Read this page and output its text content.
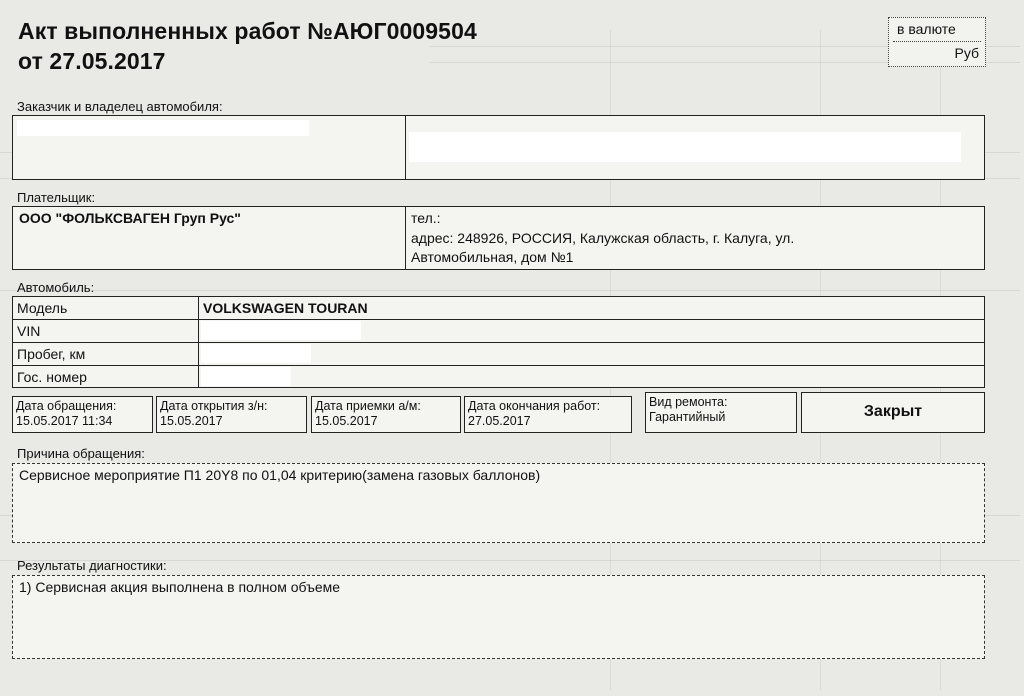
Акт выполненных работ №АЮГ0009504
от 27.05.2017
в валюте
Руб
Заказчик и владелец автомобиля:
Плательщик:
ООО "ФОЛЬКСВАГЕН Груп Рус"	тел.:
адрес: 248926, РОССИЯ, Калужская область, г. Калуга, ул.
Автомобильная, дом №1
Автомобиль:
Модель	VOLKSWAGEN TOURAN
VIN
Пробег, км
Гос. номер
Дата обращения:
15.05.2017 11:34
Дата открытия з/н:
15.05.2017
Дата приемки а/м:
15.05.2017
Дата окончания работ:
27.05.2017
Вид ремонта:
Гарантийный	Закрыт
Причина обращения:
Сервисное мероприятие П1 20Y8 по 01,04 критерию(замена газовых баллонов)
Результаты диагностики:
1) Сервисная акция выполнена в полном объеме
